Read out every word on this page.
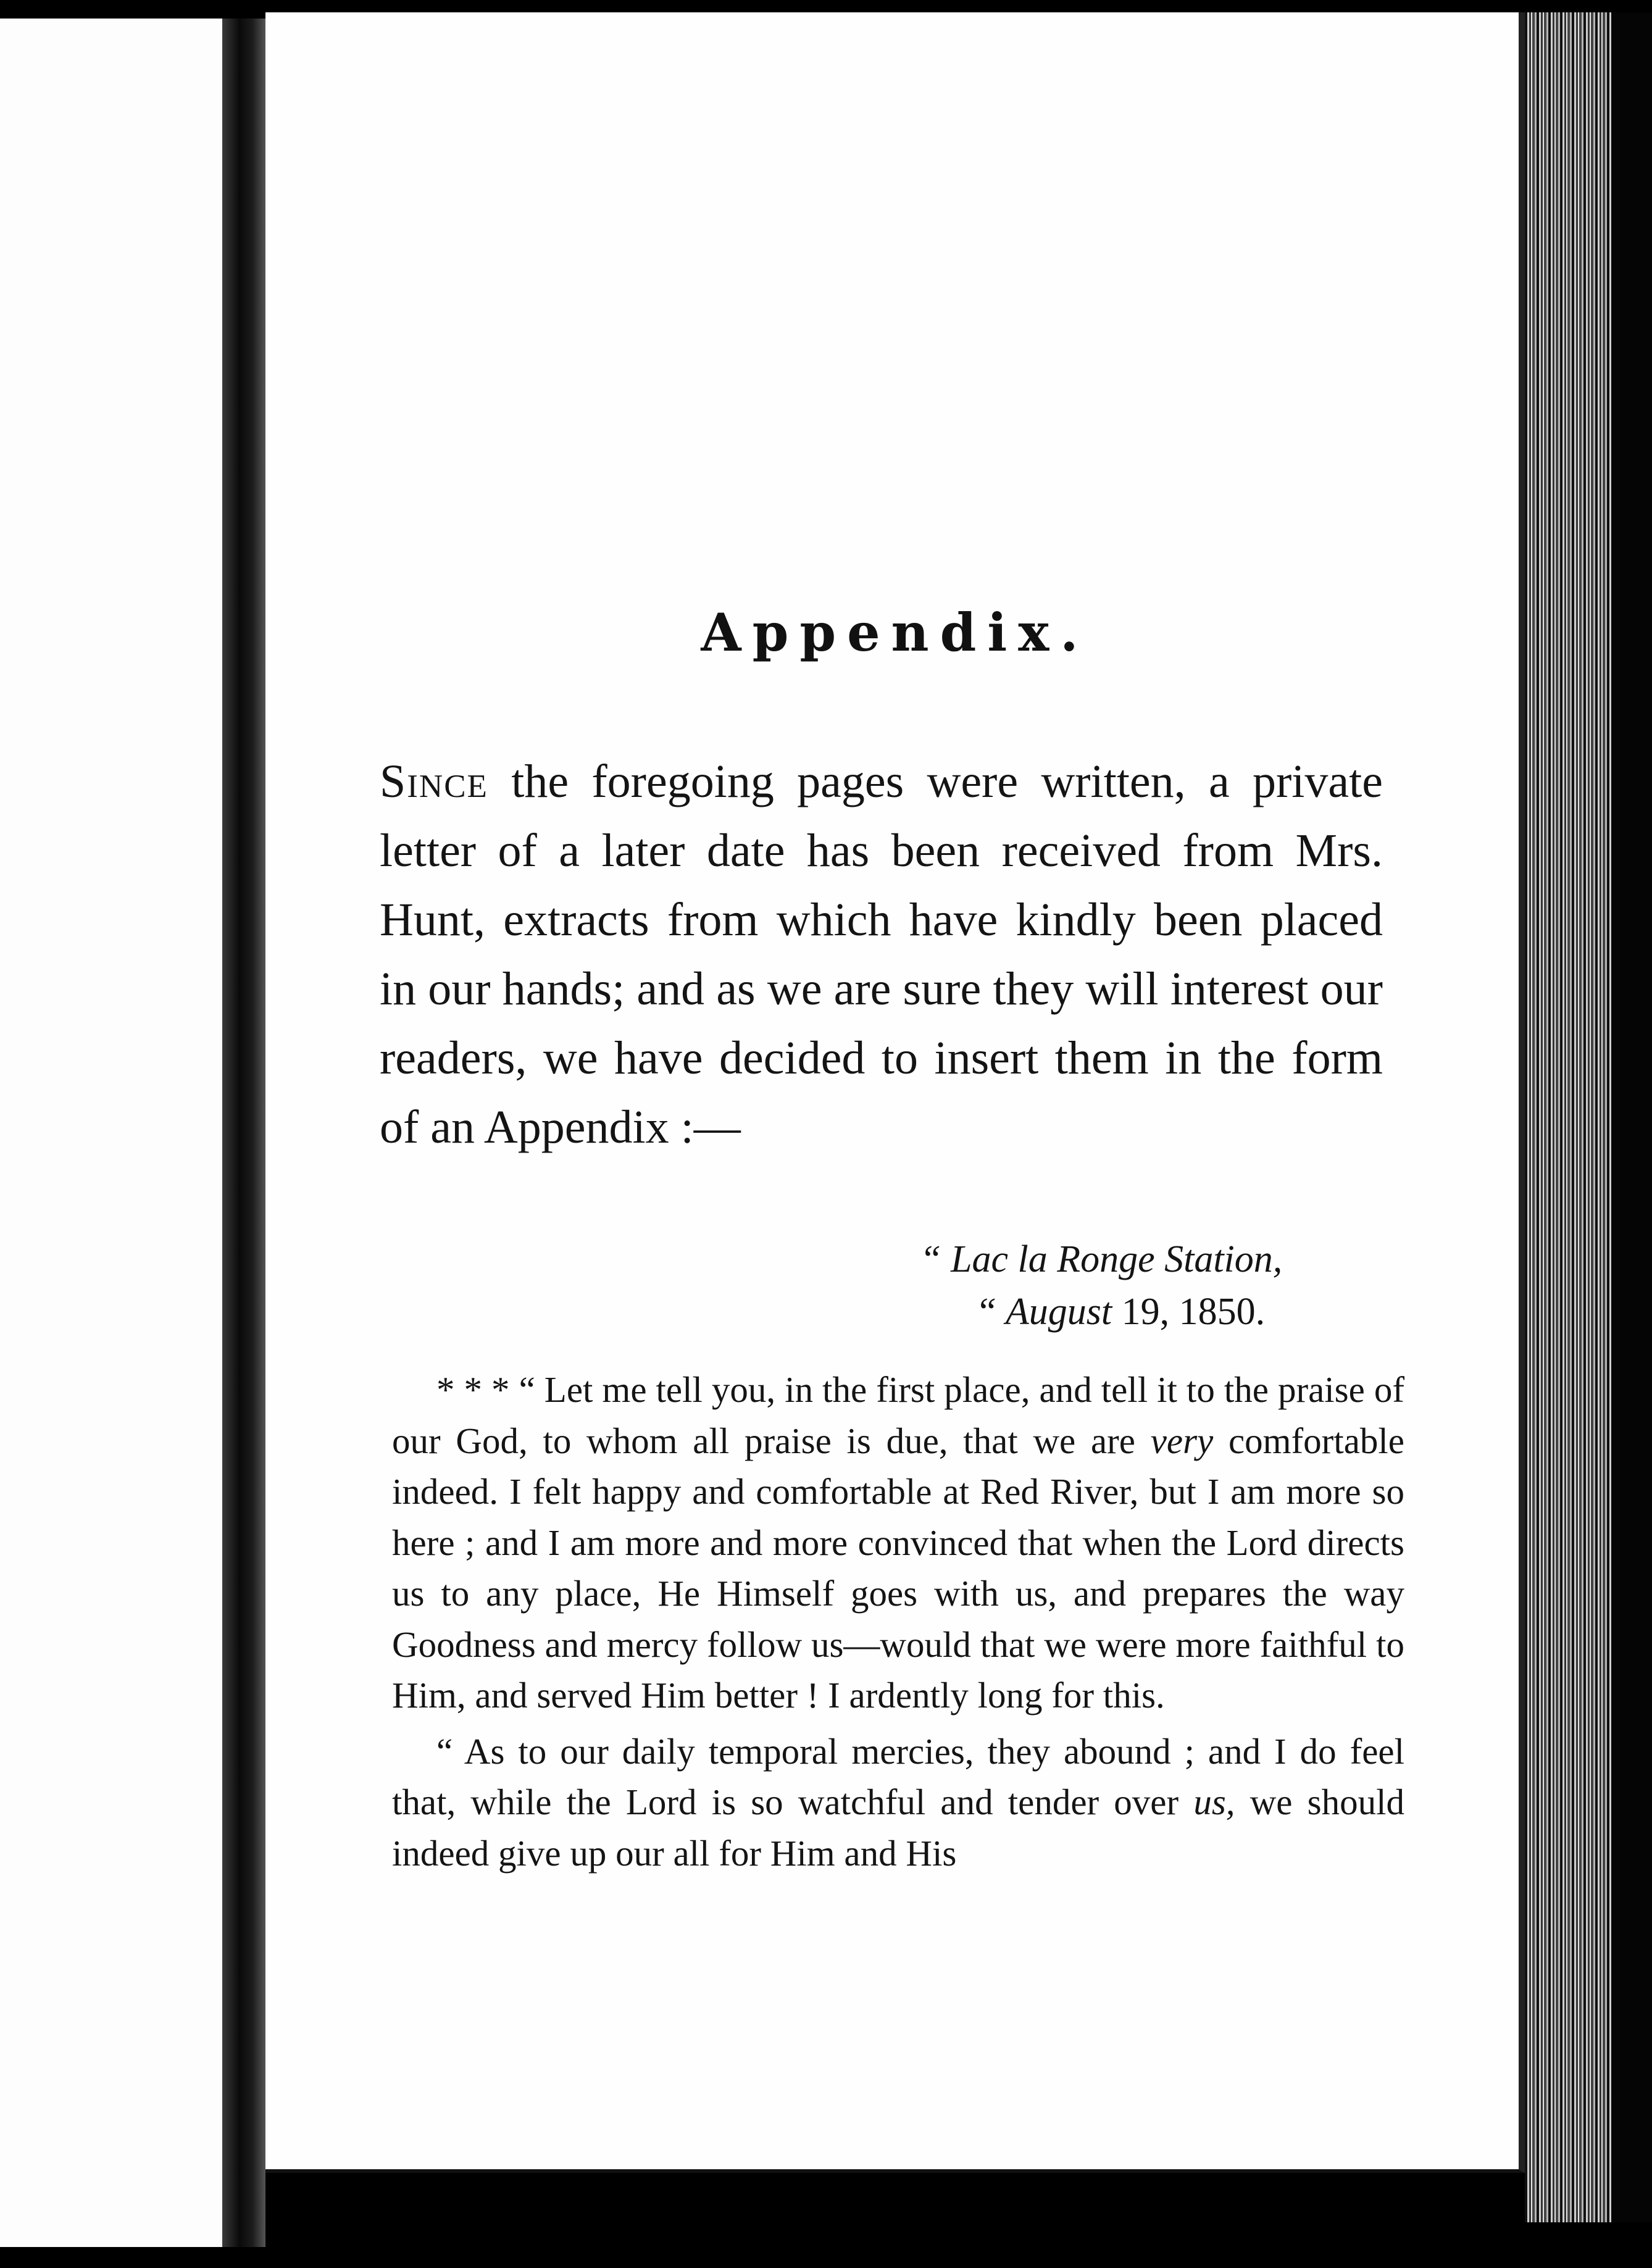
Appendix.
Since the foregoing pages were written, a private letter of a later date has been received from Mrs. Hunt, extracts from which have kindly been placed in our hands; and as we are sure they will interest our readers, we have decided to insert them in the form of an Appendix :—
“ Lac la Ronge Station,
“ August 19, 1850.

* * * “ Let me tell you, in the first place, and tell it to the praise of our God, to whom all praise is due, that we are very comfortable indeed. I felt happy and comfortable at Red River, but I am more so here ; and I am more and more convinced that when the Lord directs us to any place, He Himself goes with us, and prepares the way Goodness and mercy follow us—would that we were more faithful to Him, and served Him better ! I ardently long for this.

“ As to our daily temporal mercies, they abound ; and I do feel that, while the Lord is so watchful and tender over us, we should indeed give up our all for Him and His
